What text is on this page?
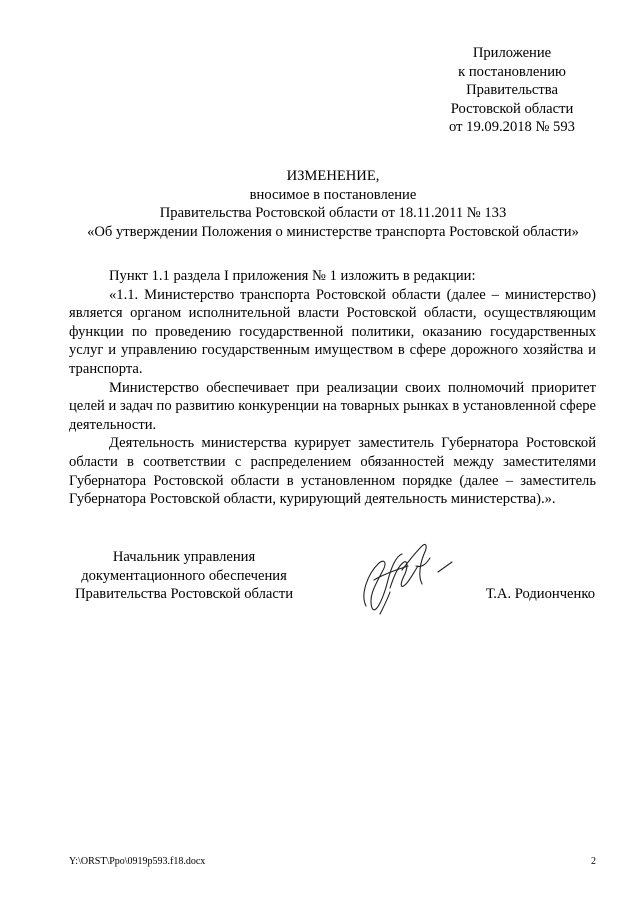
Приложение
к постановлению
Правительства
Ростовской области
от 19.09.2018 № 593
ИЗМЕНЕНИЕ,
вносимое в постановление
Правительства Ростовской области от 18.11.2011 № 133
«Об утверждении Положения о министерстве транспорта Ростовской области»

Пункт 1.1 раздела I приложения № 1 изложить в редакции:

«1.1. Министерство транспорта Ростовской области (далее – министерство) является органом исполнительной власти Ростовской области, осуществляющим функции по проведению государственной политики, оказанию государственных услуг и управлению государственным имуществом в сфере дорожного хозяйства и транспорта.

Министерство обеспечивает при реализации своих полномочий приоритет целей и задач по развитию конкуренции на товарных рынках в установленной сфере деятельности.

Деятельность министерства курирует заместитель Губернатора Ростовской области в соответствии с распределением обязанностей между заместителями Губернатора Ростовской области в установленном порядке (далее – заместитель Губернатора Ростовской области, курирующий деятельность министерства).».

Начальник управления
документационного обеспечения
Правительства Ростовской области	Т.А. Родионченко
Y:\ORST\Ppo\0919p593.f18.docx	2
